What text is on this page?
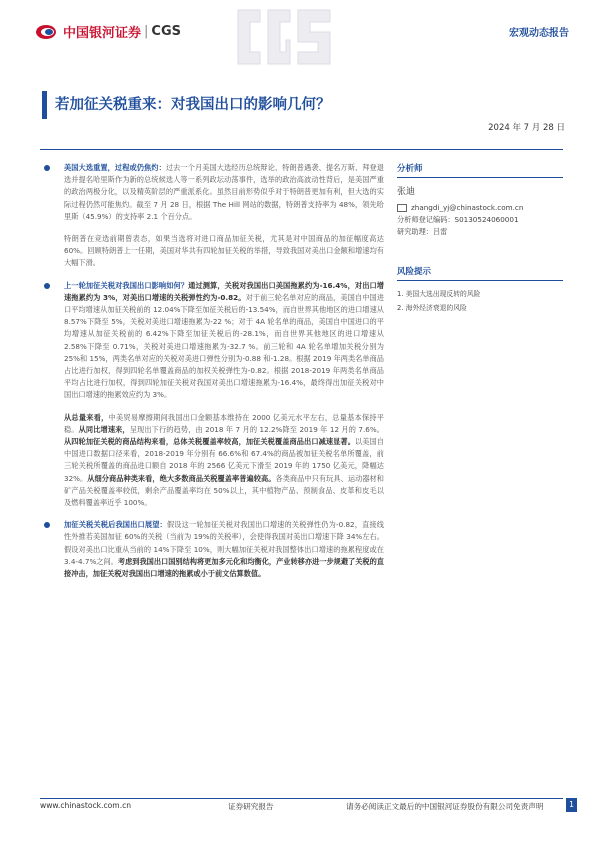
中国银河证券 | CGS	宏观动态报告
若加征关税重来：对我国出口的影响几何？
2024 年 7 月 28 日
美国大选重置，过程或仍焦灼：过去一个月美国大选经历总统辩论、特朗普遇袭、提名万斯、拜登退选并提名哈里斯作为新的总统候选人等一系列政坛动荡事件，选举的政治高波动性背后，是美国严重的政治两极分化，以及精英阶层的严重派系化。虽然目前形势似乎对于特朗普更加有利，但大选的实际过程仍然可能焦灼。截至 7 月 28 日，根据 The Hill 网站的数据，特朗普支持率为 48%，领先哈里斯（45.9%）的支持率 2.1 个百分点。
特朗普在竞选前期曾表态，如果当选将对进口商品加征关税，尤其是对中国商品的加征幅度高达 60%。回顾特朗普上一任期，美国对华共有四轮加征关税的举措，导致我国对美出口金额和增速均有大幅下滑。
上一轮加征关税对我国出口影响如何？通过测算，关税对我国出口美国拖累约为-16.4%，对出口增速拖累约为 3%，对美出口增速的关税弹性约为-0.82。对于前三轮名单对应的商品，美国自中国进口平均增速从加征关税前的 12.04%下降至加征关税后的-13.54%，而自世界其他地区的进口增速从 8.57%下降至 5%，关税对美进口增速拖累为-22 %；对于 4A 轮名单的商品，美国自中国进口的平均增速从加征关税前的 6.42%下降至加征关税后的-28.1%，而自世界其他地区的进口增速从 2.58%下降至 0.71%，关税对美进口增速拖累为-32.7 %。前三轮和 4A 轮名单增加关税分别为 25%和 15%，两类名单对应的关税对美进口弹性分别为-0.88 和-1.28。根据 2019 年两类名单商品占比进行加权，得到四轮名单覆盖商品的加权关税弹性为-0.82。根据 2018-2019 年两类名单商品平均占比进行加权，得到四轮加征关税对我国对美出口增速拖累为-16.4%，最终得出加征关税对中国出口增速的拖累效应约为 3%。
从总量来看，中美贸易摩擦期间我国出口金额基本维持在 2000 亿美元水平左右，总量基本保持平稳。从同比增速来，呈现出下行的趋势，由 2018 年 7 月的 12.2%降至 2019 年 12 月的 7.6%。从四轮加征关税的商品结构来看，总体关税覆盖率较高，加征关税覆盖商品出口减速显著。以美国自中国进口数据口径来看，2018-2019 年分别有 66.6%和 67.4%的商品被加征关税名单所覆盖，前三轮关税所覆盖的商品进口额自 2018 年的 2566 亿美元下滑至 2019 年的 1750 亿美元，降幅达 32%。从细分商品种类来看，绝大多数商品关税覆盖率普遍较高。各类商品中只有玩具、运动器材和矿产品关税覆盖率较低，剩余产品覆盖率均在 50%以上，其中植物产品、预制食品、皮革和皮毛以及燃料覆盖率近乎 100%。
加征关税关税后我国出口展望：假设这一轮加征关税对我国出口增速的关税弹性仍为-0.82，直接线性外推若美国加征 60%的关税（当前为 19%的关税率），会使得我国对美出口增速下降 34%左右。假设对美出口比重从当前的 14%下降至 10%，则大幅加征关税对我国整体出口增速的拖累程度或在 3.4-4.7%之间。考虑到我国出口国别结构将更加多元化和均衡化，产业转移亦进一步规避了关税的直接冲击，加征关税对我国出口增速的拖累或小于前文估算数值。
分析师
张迪
zhangdi_yj@chinastock.com.cn
分析师登记编码：S0130524060001
研究助理：吕雷
风险提示
1. 美国大选出现反转的风险
2. 海外经济衰退的风险
www.chinastock.com.cn	证券研究报告	请务必阅读正文最后的中国银河证券股份有限公司免责声明	1
